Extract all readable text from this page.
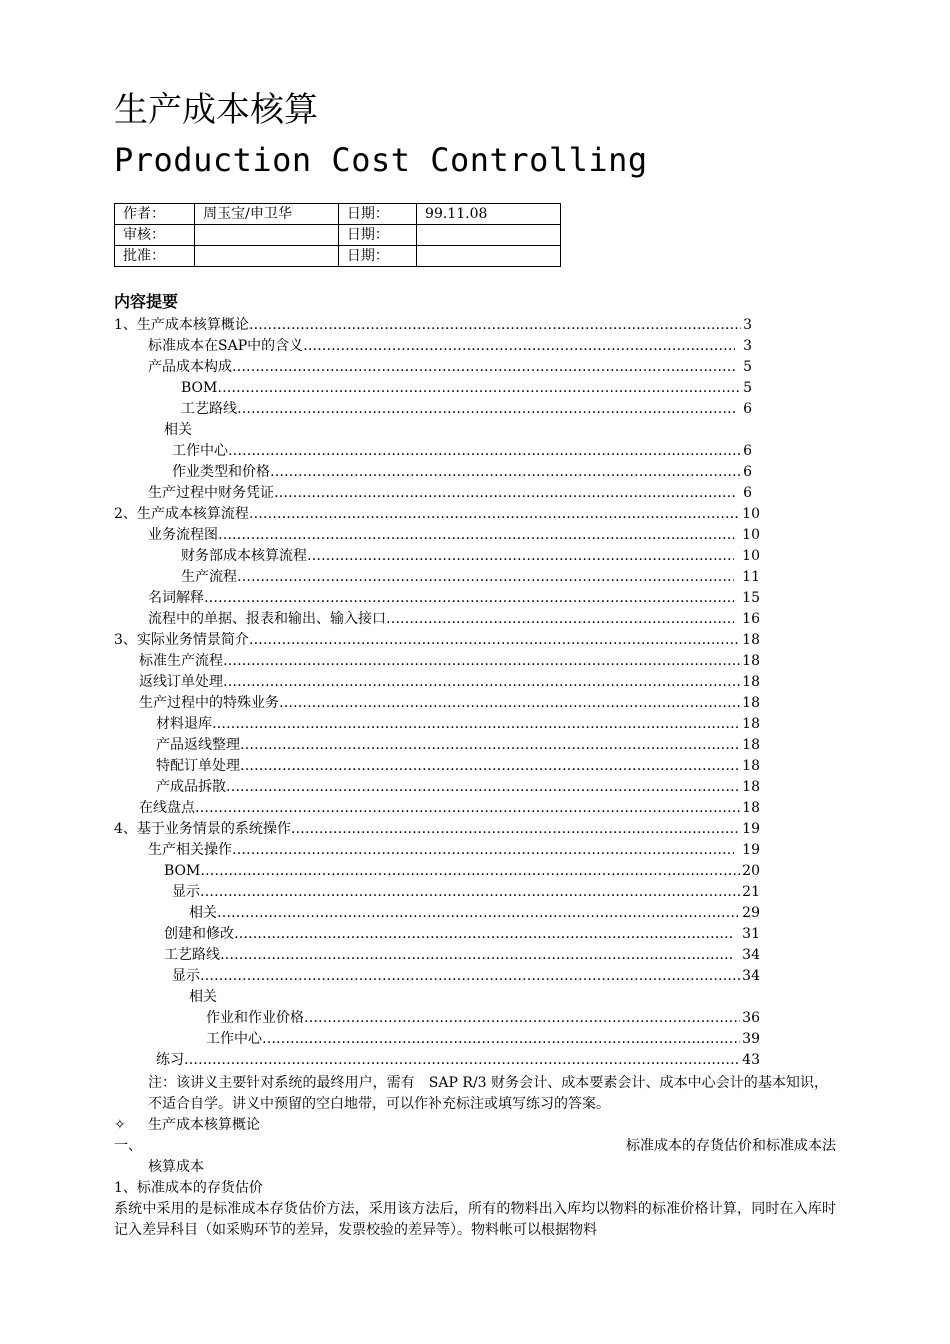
生产成本核算
Production Cost Controlling
作者：	周玉宝/申卫华	日期：	99.11.08
审核：		日期：	
批准：		日期：	
内容提要
1、生产成本核算概论 ……………………………………………………………………………………………………………………………………………………………………………………………………………………	3
标准成本在SAP中的含义 ……………………………………………………………………………………………………………………………………………………………………………………………………………………	3
产品成本构成 ……………………………………………………………………………………………………………………………………………………………………………………………………………………	5
BOM ……………………………………………………………………………………………………………………………………………………………………………………………………………………	5
工艺路线 ……………………………………………………………………………………………………………………………………………………………………………………………………………………	6
相关
工作中心 ……………………………………………………………………………………………………………………………………………………………………………………………………………………	6
作业类型和价格 ……………………………………………………………………………………………………………………………………………………………………………………………………………………	6
生产过程中财务凭证 ……………………………………………………………………………………………………………………………………………………………………………………………………………………	6
2、生产成本核算流程 ……………………………………………………………………………………………………………………………………………………………………………………………………………………	10
业务流程图 ……………………………………………………………………………………………………………………………………………………………………………………………………………………	10
财务部成本核算流程 ……………………………………………………………………………………………………………………………………………………………………………………………………………………	10
生产流程 ……………………………………………………………………………………………………………………………………………………………………………………………………………………	11
名词解释 ……………………………………………………………………………………………………………………………………………………………………………………………………………………	15
流程中的单据、报表和输出、输入接口 ……………………………………………………………………………………………………………………………………………………………………………………………………………………	16
3、实际业务情景简介 ……………………………………………………………………………………………………………………………………………………………………………………………………………………	18
标准生产流程 ……………………………………………………………………………………………………………………………………………………………………………………………………………………	18
返线订单处理 ……………………………………………………………………………………………………………………………………………………………………………………………………………………	18
生产过程中的特殊业务 ……………………………………………………………………………………………………………………………………………………………………………………………………………………	18
材料退库 ……………………………………………………………………………………………………………………………………………………………………………………………………………………	18
产品返线整理 ……………………………………………………………………………………………………………………………………………………………………………………………………………………	18
特配订单处理 ……………………………………………………………………………………………………………………………………………………………………………………………………………………	18
产成品拆散 ……………………………………………………………………………………………………………………………………………………………………………………………………………………	18
在线盘点 ……………………………………………………………………………………………………………………………………………………………………………………………………………………	18
4、基于业务情景的系统操作 ……………………………………………………………………………………………………………………………………………………………………………………………………………………	19
生产相关操作 ……………………………………………………………………………………………………………………………………………………………………………………………………………………	19
BOM ……………………………………………………………………………………………………………………………………………………………………………………………………………………	20
显示 ……………………………………………………………………………………………………………………………………………………………………………………………………………………	21
相关 ……………………………………………………………………………………………………………………………………………………………………………………………………………………	29
创建和修改 ……………………………………………………………………………………………………………………………………………………………………………………………………………………	31
工艺路线 ……………………………………………………………………………………………………………………………………………………………………………………………………………………	34
显示 ……………………………………………………………………………………………………………………………………………………………………………………………………………………	34
相关
作业和作业价格 ……………………………………………………………………………………………………………………………………………………………………………………………………………………	36
工作中心 ……………………………………………………………………………………………………………………………………………………………………………………………………………………	39
练习 ……………………………………………………………………………………………………………………………………………………………………………………………………………………	43
注：该讲义主要针对系统的最终用户，需有　SAP R/3 财务会计、成本要素会计、成本中心会计的基本知识，不适合自学。讲义中预留的空白地带，可以作补充标注或填写练习的答案。
✧ 生产成本核算概论
一、	标准成本的存货估价和标准成本法
核算成本
1、标准成本的存货估价
系统中采用的是标准成本存货估价方法，采用该方法后，所有的物料出入库均以物料的标准价格计算，同时在入库时记入差异科目（如采购环节的差异，发票校验的差异等）。物料帐可以根据物料
